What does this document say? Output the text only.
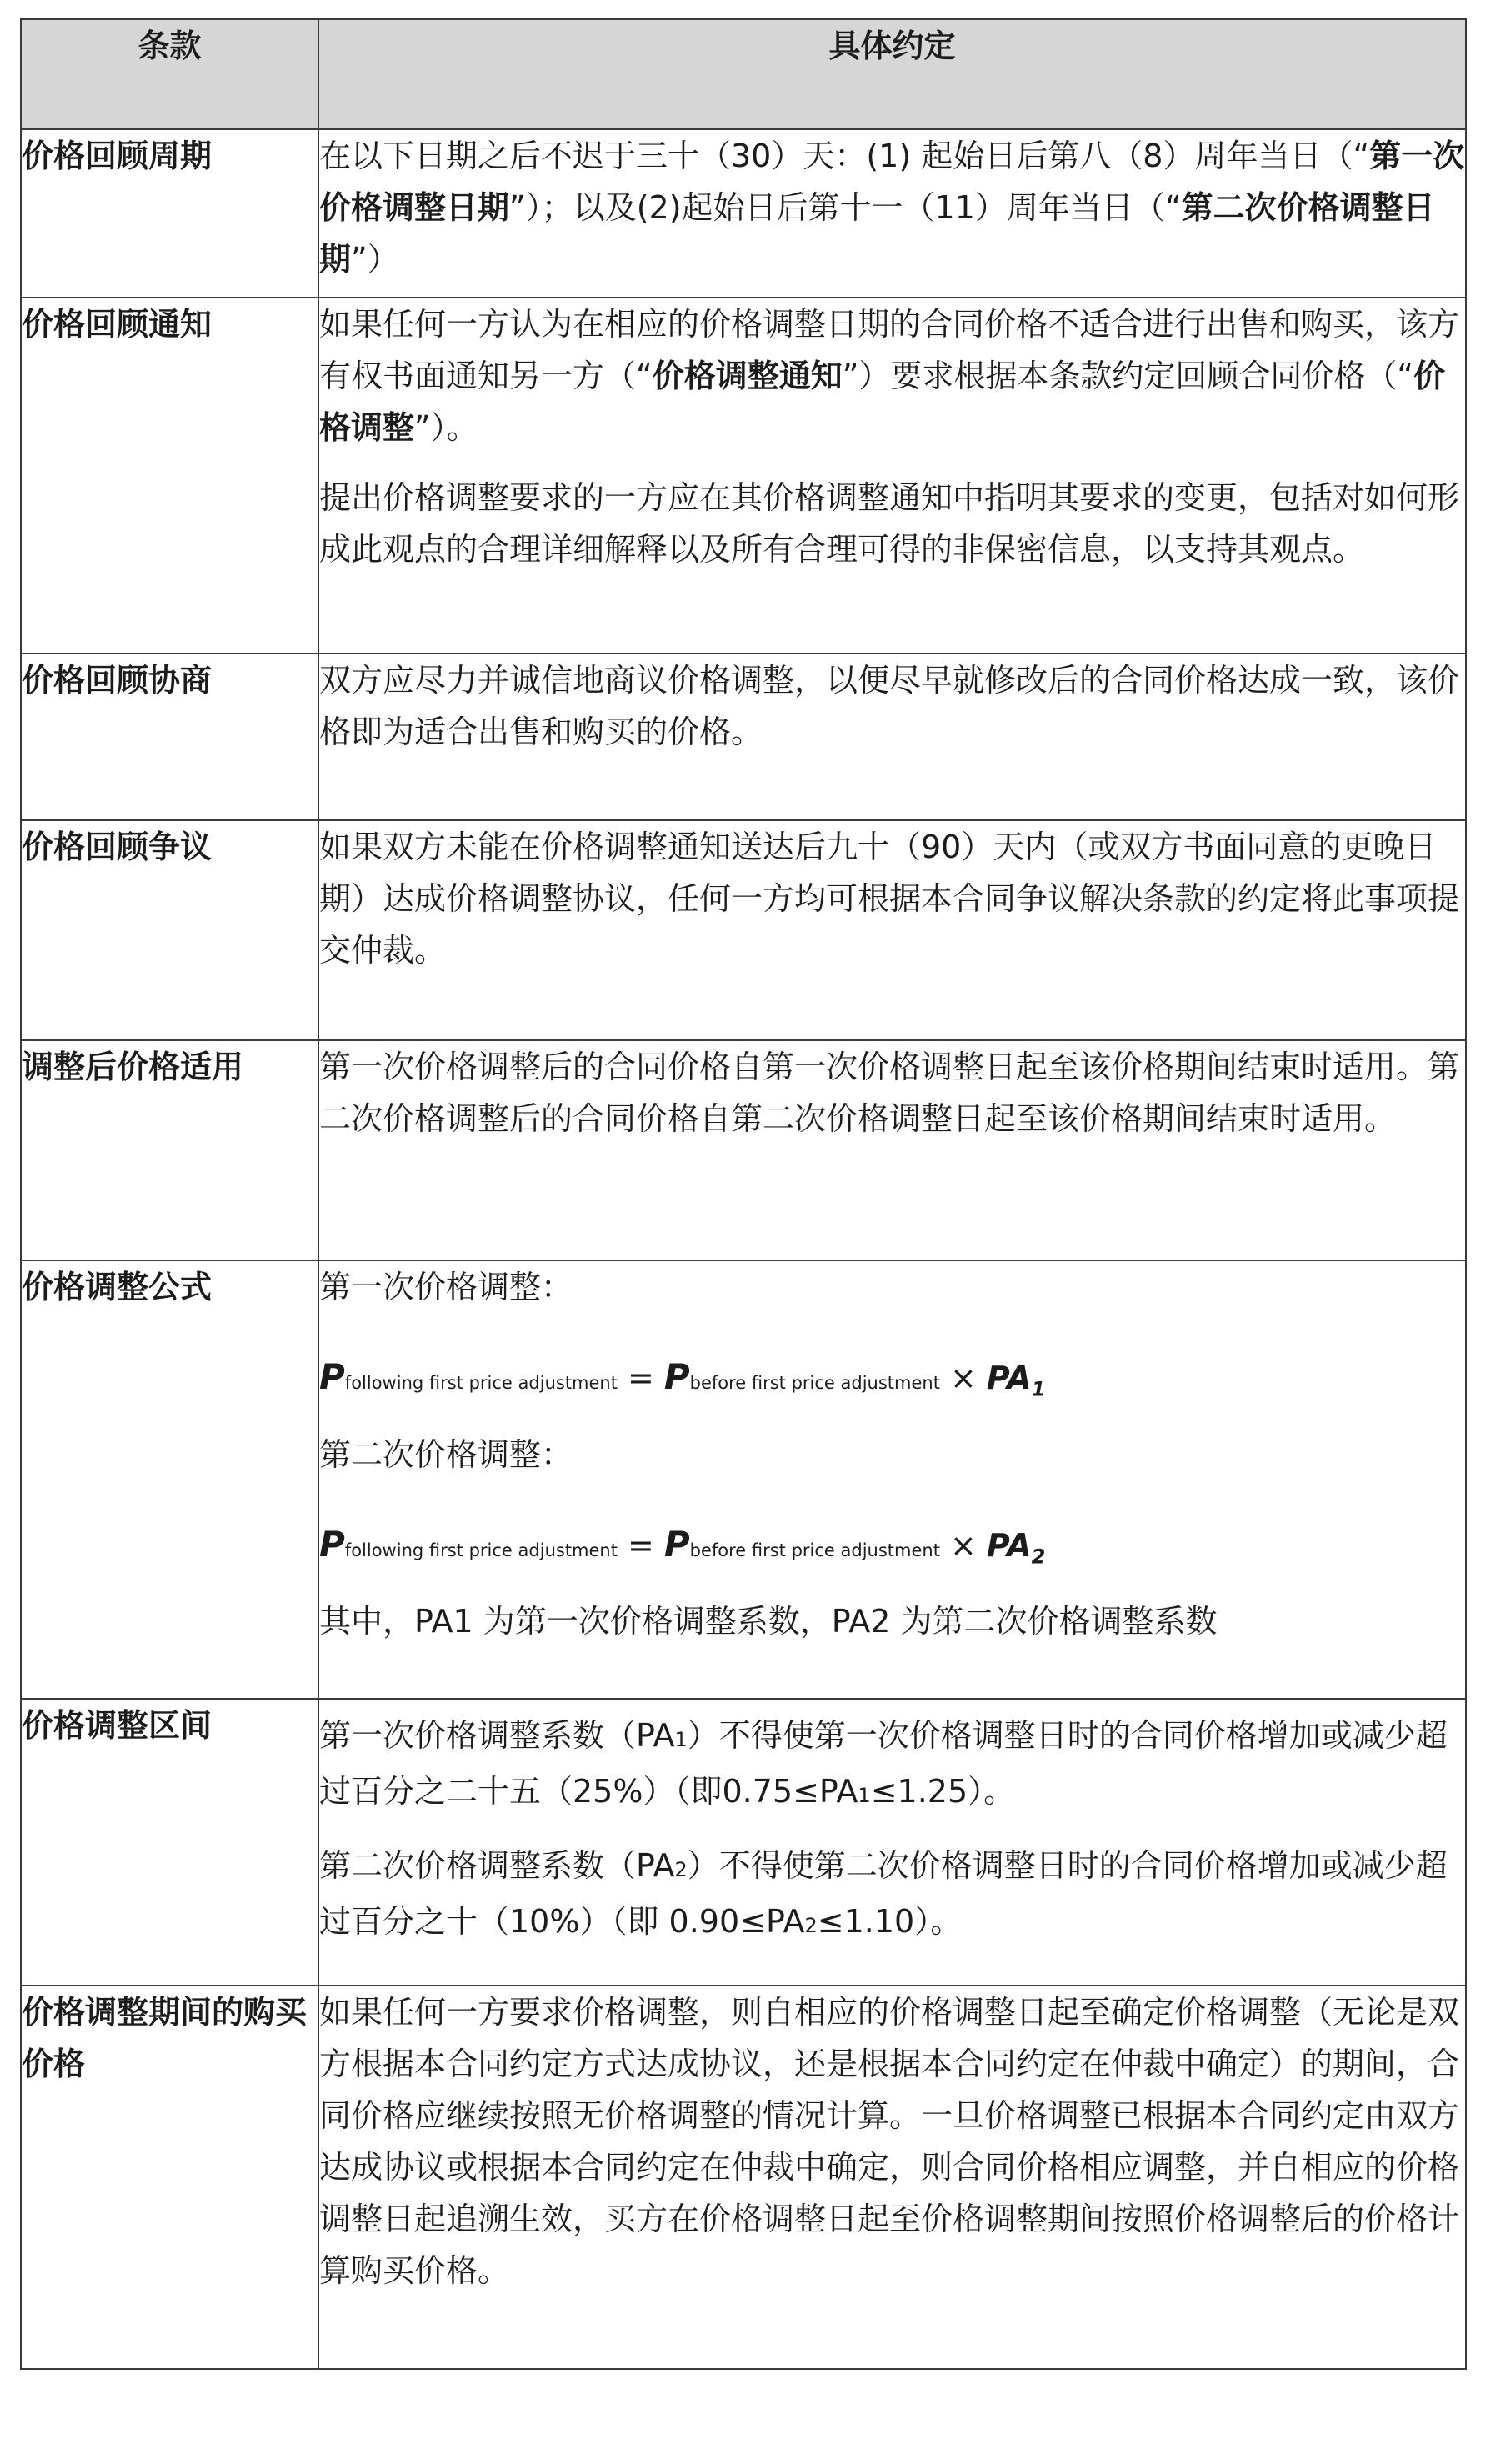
条款	具体约定
价格回顾周期	在以下日期之后不迟于三十（30）天：(1) 起始日后第八（8）周年当日（“第一次价格调整日期”）；以及(2)起始日后第十一（11）周年当日（“第二次价格调整日期”）

价格回顾通知	如果任何一方认为在相应的价格调整日期的合同价格不适合进行出售和购买，该方有权书面通知另一方（“价格调整通知”）要求根据本条款约定回顾合同价格（“价格调整”）。

提出价格调整要求的一方应在其价格调整通知中指明其要求的变更，包括对如何形成此观点的合理详细解释以及所有合理可得的非保密信息，以支持其观点。

价格回顾协商	双方应尽力并诚信地商议价格调整，以便尽早就修改后的合同价格达成一致，该价格即为适合出售和购买的价格。

价格回顾争议	如果双方未能在价格调整通知送达后九十（90）天内（或双方书面同意的更晚日期）达成价格调整协议，任何一方均可根据本合同争议解决条款的约定将此事项提交仲裁。

调整后价格适用	第一次价格调整后的合同价格自第一次价格调整日起至该价格期间结束时适用。第二次价格调整后的合同价格自第二次价格调整日起至该价格期间结束时适用。

价格调整公式	第一次价格调整：

Pfollowing first price adjustment = Pbefore first price adjustment × $PA_1$

第二次价格调整：

Pfollowing first price adjustment = Pbefore first price adjustment × $PA_2$

其中，PA1 为第一次价格调整系数，PA2 为第二次价格调整系数

价格调整区间	第一次价格调整系数（PA1）不得使第一次价格调整日时的合同价格增加或减少超过百分之二十五（25%）（即0.75≤PA1≤1.25）。

第二次价格调整系数（PA2）不得使第二次价格调整日时的合同价格增加或减少超过百分之十（10%）（即 0.90≤PA2≤1.10）。

价格调整期间的购买价格	如果任何一方要求价格调整，则自相应的价格调整日起至确定价格调整（无论是双方根据本合同约定方式达成协议，还是根据本合同约定在仲裁中确定）的期间，合同价格应继续按照无价格调整的情况计算。一旦价格调整已根据本合同约定由双方达成协议或根据本合同约定在仲裁中确定，则合同价格相应调整，并自相应的价格调整日起追溯生效，买方在价格调整日起至价格调整期间按照价格调整后的价格计算购买价格。
